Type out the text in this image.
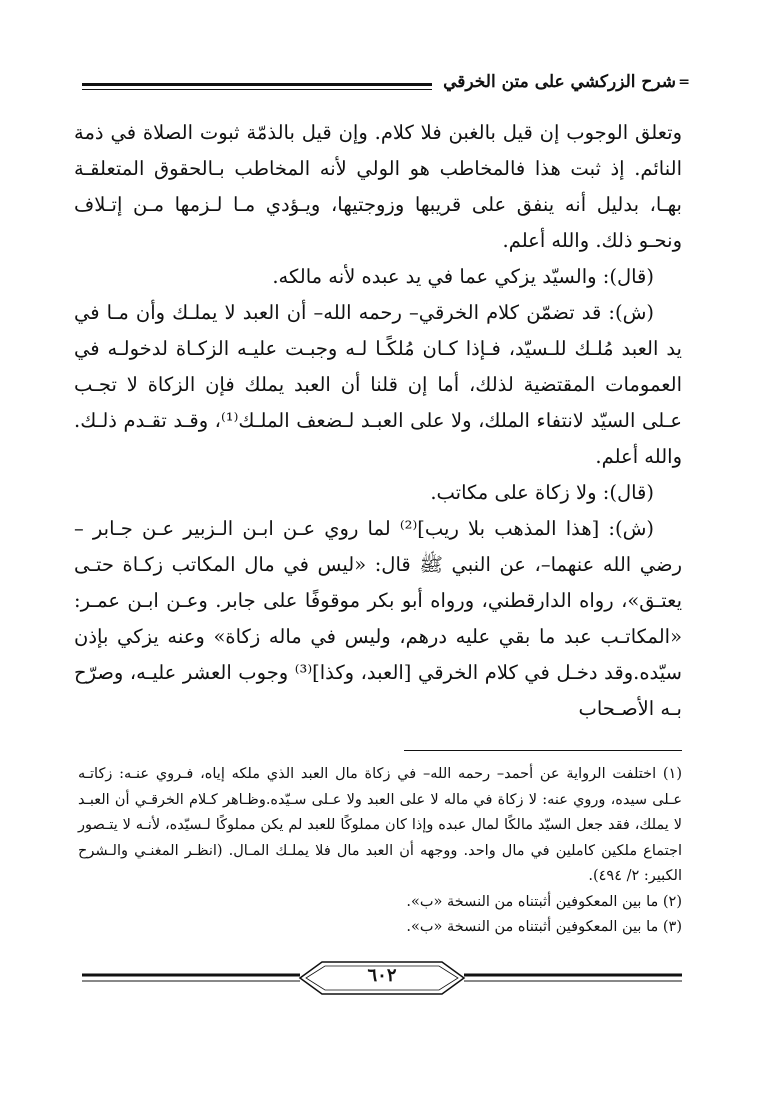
=
شرح الزركشي على متن الخرقي

وتعلق الوجوب إن قيل بالغبن فلا كلام. وإن قيل بالذمّة ثبوت الصلاة في ذمة النائم. إذ ثبت هذا فالمخاطب هو الولي لأنه المخاطب بـالحقوق المتعلقـة بهـا، بدليل أنه ينفق على قريبها وزوجتيها، ويـؤدي مـا لـزمها مـن إتـلاف ونحـو ذلك. والله أعلم.

(قال): والسيّد يزكي عما في يد عبده لأنه مالكه.

(ش): قد تضمّن كلام الخرقي– رحمه الله– أن العبد لا يملـك وأن مـا في يد العبد مُلـك للـسيّد، فـإذا كـان مُلكًـا لـه وجبـت عليـه الزكـاة لدخولـه في العمومات المقتضية لذلك، أما إن قلنا أن العبد يملك فإن الزكاة لا تجـب عـلى السيّد لانتفاء الملك، ولا على العبـد لـضعف الملـك⁽¹⁾، وقـد تقـدم ذلـك. والله أعلم.

(قال): ولا زكاة على مكاتب.

(ش): [هذا المذهب بلا ريب]⁽²⁾ لما روي عـن ابـن الـزبير عـن جـابر – رضي الله عنهما–، عن النبي ﷺ قال: «ليس في مال المكاتب زكـاة حتـى يعتـق»، رواه الدارقطني، ورواه أبو بكر موقوفًا على جابر. وعـن ابـن عمـر: «المكاتـب عبد ما بقي عليه درهم، وليس في ماله زكاة» وعنه يزكي بإذن سيّده.وقد دخـل في كلام الخرقي [العبد، وكذا]⁽³⁾ وجوب العشر عليـه، وصرّح بـه الأصـحاب

(١) اختلفت الرواية عن أحمد– رحمه الله– في زكاة مال العبد الذي ملكه إياه، فـروي عنـه: زكاتـه عـلى سيده، وروي عنه: لا زكاة في ماله لا على العبد ولا عـلى سـيّده.وظـاهر كـلام الخرقـي أن العبـد لا يملك، فقد جعل السيّد مالكًا لمال عبده وإذا كان مملوكًا للعبد لم يكن مملوكًا لـسيّده، لأنـه لا يتـصور اجتماع ملكين كاملين في مال واحد. ووجهه أن العبد مال فلا يملـك المـال. (انظـر المغنـي والـشرح الكبير: ٢/ ٤٩٤).

(٢) ما بين المعكوفين أثبتناه من النسخة «ب».

(٣) ما بين المعكوفين أثبتناه من النسخة «ب».

٦٠٢
